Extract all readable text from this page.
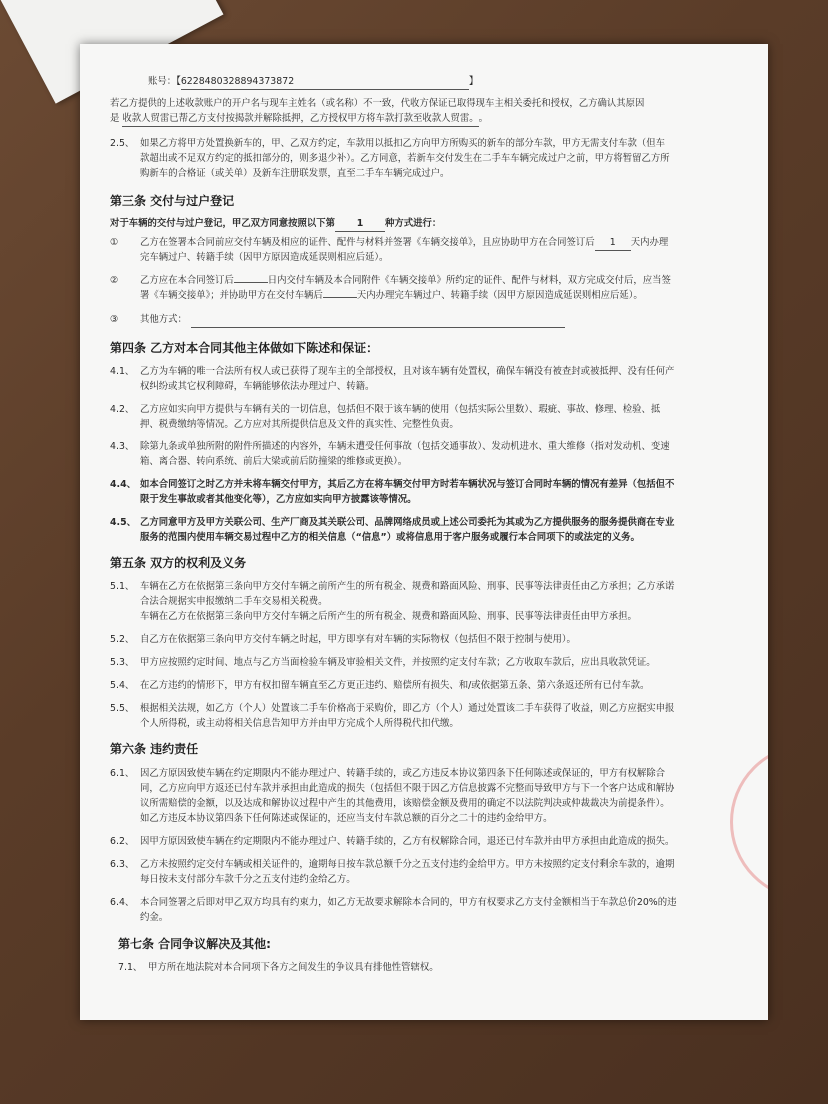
账号：【6228480328894373872	】
若乙方提供的上述收款账户的开户名与现车主姓名（或名称）不一致，代收方保证已取得现车主相关委托和授权，乙方确认其原因
是 收款人贸雷已帮乙方支付按揭款并解除抵押，乙方授权甲方将车款打款至收款人贸雷。。
2.5、 如果乙方将甲方处置换新车的，甲、乙双方约定，车款用以抵扣乙方向甲方所购买的新车的部分车款，甲方无需支付车款（但车
款超出或不足双方约定的抵扣部分的，则多退少补）。乙方同意，若新车交付发生在二手车车辆完成过户之前，甲方将暂留乙方所
购新车的合格证（或关单）及新车注册联发票，直至二手车车辆完成过户。
第三条 交付与过户登记
对于车辆的交付与过户登记，甲乙双方同意按照以下第 1 种方式进行：
① 乙方在签署本合同前应交付车辆及相应的证件、配件与材料并签署《车辆交接单》，且应协助甲方在合同签订后 1 天内办理
完车辆过户、转籍手续（因甲方原因造成延误则相应后延）。
② 乙方应在本合同签订后	日内交付车辆及本合同附件《车辆交接单》所约定的证件、配件与材料，双方完成交付后，应当签
署《车辆交接单》；并协助甲方在交付车辆后	天内办理完车辆过户、转籍手续（因甲方原因造成延误则相应后延）。
③ 其他方式：
第四条 乙方对本合同其他主体做如下陈述和保证：
4.1、 乙方为车辆的唯一合法所有权人或已获得了现车主的全部授权，且对该车辆有处置权，确保车辆没有被查封或被抵押、没有任何产
权纠纷或其它权利障碍，车辆能够依法办理过户、转籍。
4.2、 乙方应如实向甲方提供与车辆有关的一切信息，包括但不限于该车辆的使用（包括实际公里数）、瑕疵、事故、修理、检验、抵
押、税费缴纳等情况。乙方应对其所提供信息及文件的真实性、完整性负责。
4.3、 除第九条或单独所附的附件所描述的内容外，车辆未遭受任何事故（包括交通事故）、发动机进水、重大维修（指对发动机、变速
箱、离合器、转向系统、前后大梁或前后防撞梁的维修或更换）。
4.4、 如本合同签订之时乙方并未将车辆交付甲方，其后乙方在将车辆交付甲方时若车辆状况与签订合同时车辆的情况有差异（包括但不
限于发生事故或者其他变化等），乙方应如实向甲方披露该等情况。
4.5、 乙方同意甲方及甲方关联公司、生产厂商及其关联公司、品牌网络成员或上述公司委托为其或为乙方提供服务的服务提供商在专业
服务的范围内使用车辆交易过程中乙方的相关信息（“信息”）或将信息用于客户服务或履行本合同项下的或法定的义务。
第五条 双方的权利及义务
5.1、 车辆在乙方在依据第三条向甲方交付车辆之前所产生的所有税金、规费和路面风险、刑事、民事等法律责任由乙方承担；乙方承诺
合法合规据实申报缴纳二手车交易相关税费。
车辆在乙方在依据第三条向甲方交付车辆之后所产生的所有税金、规费和路面风险、刑事、民事等法律责任由甲方承担。
5.2、 自乙方在依据第三条向甲方交付车辆之时起，甲方即享有对车辆的实际物权（包括但不限于控制与使用）。
5.3、 甲方应按照约定时间、地点与乙方当面检验车辆及审验相关文件，并按照约定支付车款；乙方收取车款后，应出具收款凭证。
5.4、 在乙方违约的情形下，甲方有权扣留车辆直至乙方更正违约、赔偿所有损失、和/或依据第五条、第六条返还所有已付车款。
5.5、 根据相关法规，如乙方（个人）处置该二手车价格高于采购价，即乙方（个人）通过处置该二手车获得了收益，则乙方应据实申报
个人所得税，或主动将相关信息告知甲方并由甲方完成个人所得税代扣代缴。
第六条 违约责任
6.1、 因乙方原因致使车辆在约定期限内不能办理过户、转籍手续的，或乙方违反本协议第四条下任何陈述或保证的，甲方有权解除合
同，乙方应向甲方返还已付车款并承担由此造成的损失（包括但不限于因乙方信息披露不完整而导致甲方与下一个客户达成和解协
议所需赔偿的金额，以及达成和解协议过程中产生的其他费用，该赔偿金额及费用的确定不以法院判决或仲裁裁决为前提条件）。
如乙方违反本协议第四条下任何陈述或保证的，还应当支付车款总额的百分之二十的违约金给甲方。
6.2、 因甲方原因致使车辆在约定期限内不能办理过户、转籍手续的，乙方有权解除合同，退还已付车款并由甲方承担由此造成的损失。
6.3、 乙方未按照约定交付车辆或相关证件的，逾期每日按车款总额千分之五支付违约金给甲方。甲方未按照约定支付剩余车款的，逾期
每日按未支付部分车款千分之五支付违约金给乙方。
6.4、 本合同签署之后即对甲乙双方均具有约束力，如乙方无故要求解除本合同的，甲方有权要求乙方支付金额相当于车款总价20%的违
约金。
第七条 合同争议解决及其他:
7.1、 甲方所在地法院对本合同项下各方之间发生的争议具有排他性管辖权。
